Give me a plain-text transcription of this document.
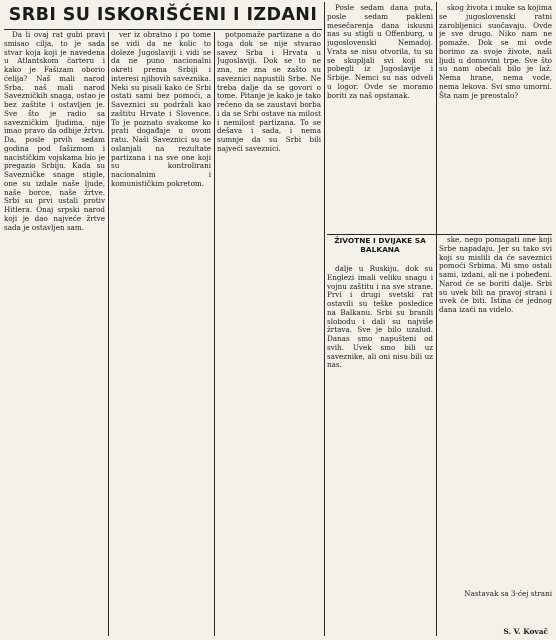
SRBI SU ISKORIŠĆENI I IZDANI

Da li ovaj rat gubi pravi smisao cilja, to je sada stvar koja koji je navedena u Atlantskom čarteru i kako je Fašizam oborio ćelija? Naš mali narod Srba, naš mali narod Savezničkih snaga, ostao je bez zaštite i ostavljen je. Sve što je radio sa savezničkim ljudima, nije imao pravo da odbije žrtvu. Da, posle prvih sedam godina pod fašizmom i nacističkim vojskama bio je pregazio Srbiju. Kada su Savezničke snage stigle, one su izdale naše ljude, naše borce, naše žrtve. Srbi su prvi ustali protiv Hitlera. Onaj srpski narod koji je dao najveće žrtve sada je ostavljen sam.

ver iz obratno i po tome se vidi da ne kolic to doleze Jugoslaviji i vidi se da ne puno nacionalni okreti prema Srbiji i interesi njihovih saveznika. Neki su pisali kako će Srbi ostati sami bez pomoći, a Saveznici su podržali kao zaštitu Hrvate i Slovence. To je poznato svakome ko prati događaje u ovom ratu. Naši Saveznici su se oslanjali na rezultate partizana i na sve one koji su kontrolirani nacionalnim i komunističkim pokretom.

potpomaže partizane a do toga dok se nije stvarao savez Srba i Hrvata u Jugoslaviji. Dok se to ne zna, ne zna se zašto su saveznici napustili Srbe. Ne treba dalje da se govori o tome. Pitanje je kako je tako rečeno da se zaustavi borba i da se Srbi ostave na milost i nemilost partizana. To se dešava i sada, i nema sumnje da su Srbi bili najveći saveznici.

Posle sedam dana puta, posle sedam pakleni mesečarenja dana iskusni nas su stigli u Offenburg, u jugoslovenski Nemadoj. Vrata se nisu otvorila, tu su se skupljali svi koji su pobegli iz Jugoslavije i Srbije. Nemci su nas odveli u logor. Ovde se moramo boriti za naš opstanak.

skog života i muke sa kojima se jugoslovenski ratni zarobljenici suočavaju. Ovde je sve drugo. Niko nam ne pomaže. Dok se mi ovde borimo za svoje živote, naši ljudi u domovini trpe. Sve što su nam obećali bilo je laž. Nema hrane, nema vode, nema lekova. Svi smo umorni. Šta nam je preostalo?

ŽIVOTNE I DVIJAKE SA BALKANA

dalje u Ruskiju, dok su Englezi imali veliku snagu i vojnu zaštitu i na sve strane. Prvi i drugi svetski rat ostavili su teške posledice na Balkanu. Srbi su branili slobodu i dali su najviše žrtava. Sve je bilo uzalud. Danas smo napušteni od svih. Uvek smo bili uz saveznike, ali oni nisu bili uz nas.

ske, nego pomagati one koji Srbe napadaju. Jer su tako svi koji su mislili da će saveznici pomoći Srbima. Mi smo ostali sami, izdani, ali ne i pobeđeni. Narod će se boriti dalje. Srbi su uvek bili na pravoj strani i uvek će biti. Istina će jednog dana izaći na videlo.

Nastavak sa 3-ćej strani
S. V. Kovač
